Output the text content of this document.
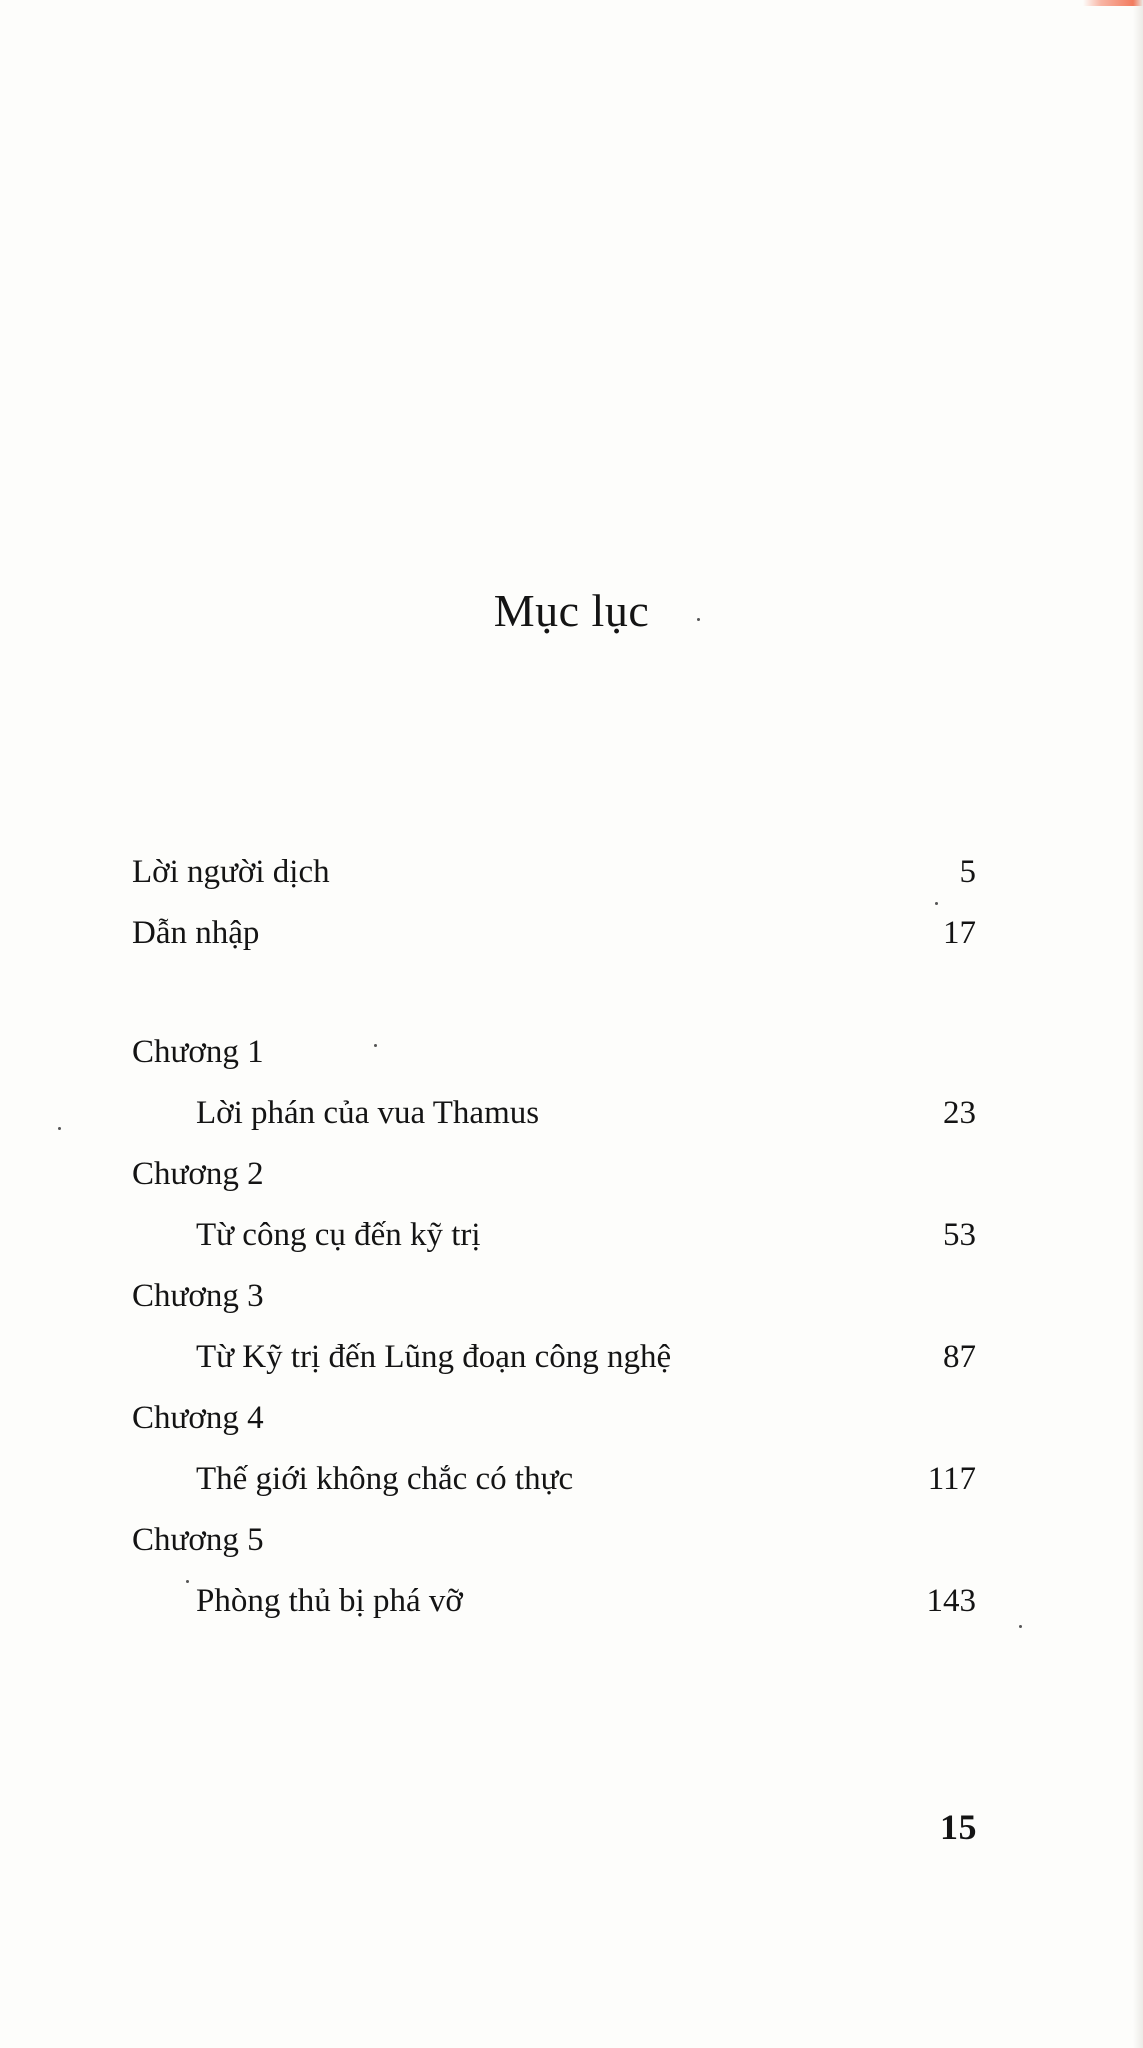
Mục lục
Lời người dịch	5
Dẫn nhập	17
Chương 1
Lời phán của vua Thamus	23
Chương 2
Từ công cụ đến kỹ trị	53
Chương 3
Từ Kỹ trị đến Lũng đoạn công nghệ	87
Chương 4
Thế giới không chắc có thực	117
Chương 5
Phòng thủ bị phá vỡ	143
15
